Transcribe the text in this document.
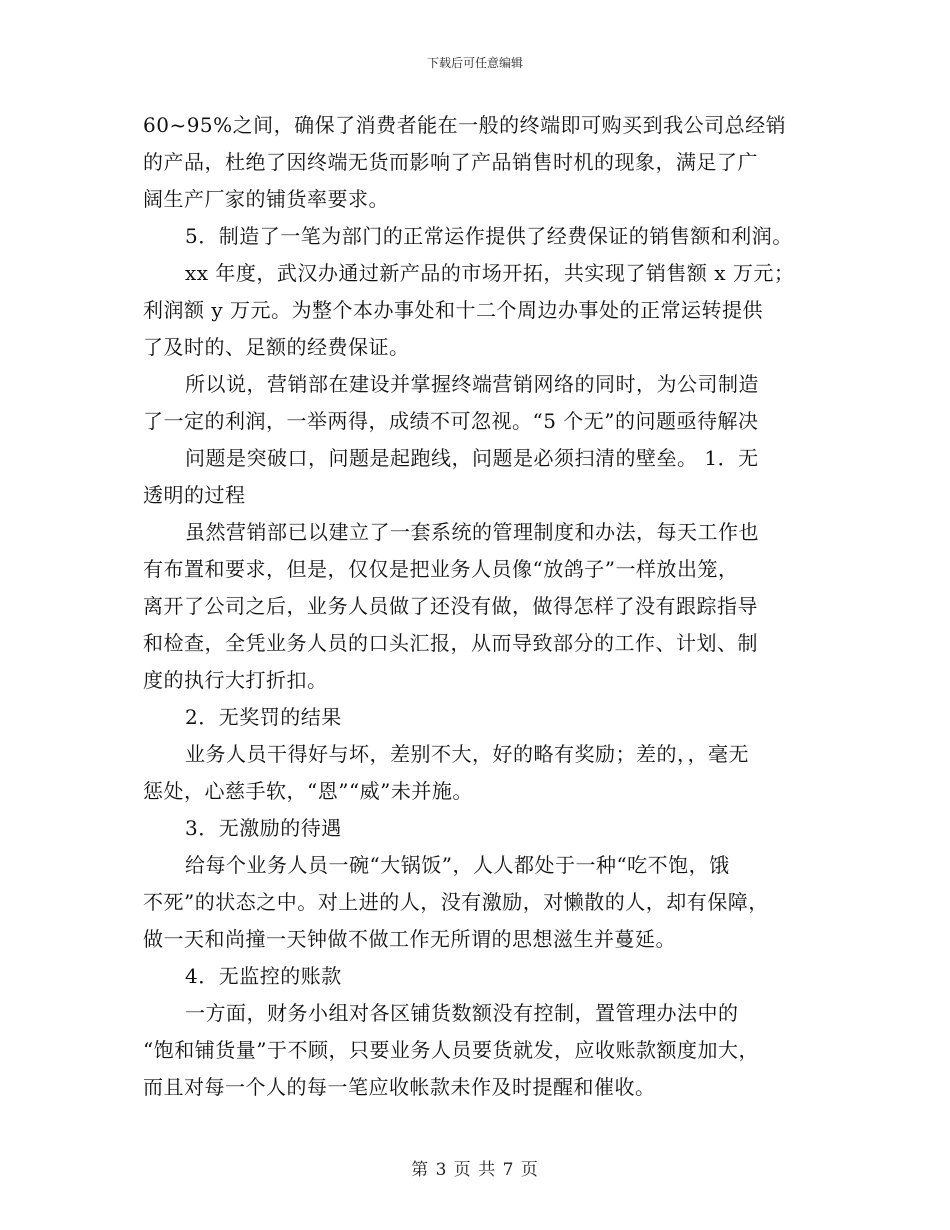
下载后可任意编辑
60~95%之间，确保了消费者能在一般的终端即可购买到我公司总经销
的产品，杜绝了因终端无货而影响了产品销售时机的现象，满足了广
阔生产厂家的铺货率要求。
5．制造了一笔为部门的正常运作提供了经费保证的销售额和利润。
xx 年度，武汉办通过新产品的市场开拓，共实现了销售额 x 万元；
利润额 y 万元。为整个本办事处和十二个周边办事处的正常运转提供
了及时的、足额的经费保证。
所以说，营销部在建设并掌握终端营销网络的同时，为公司制造
了一定的利润，一举两得，成绩不可忽视。“5 个无”的问题亟待解决
问题是突破口，问题是起跑线，问题是必须扫清的壁垒。 1．无
透明的过程
虽然营销部已以建立了一套系统的管理制度和办法，每天工作也
有布置和要求，但是，仅仅是把业务人员像“放鸽子”一样放出笼，
离开了公司之后，业务人员做了还没有做，做得怎样了没有跟踪指导
和检查，全凭业务人员的口头汇报，从而导致部分的工作、计划、制
度的执行大打折扣。
2．无奖罚的结果
业务人员干得好与坏，差别不大，好的略有奖励；差的，，毫无
惩处，心慈手软，“恩”“威”未并施。
3．无激励的待遇
给每个业务人员一碗“大锅饭”，人人都处于一种“吃不饱，饿
不死”的状态之中。对上进的人，没有激励，对懒散的人，却有保障，
做一天和尚撞一天钟做不做工作无所谓的思想滋生并蔓延。
4．无监控的账款
一方面，财务小组对各区铺货数额没有控制，置管理办法中的
“饱和铺货量”于不顾，只要业务人员要货就发，应收账款额度加大，
而且对每一个人的每一笔应收帐款未作及时提醒和催收。
第 3 页 共 7 页
